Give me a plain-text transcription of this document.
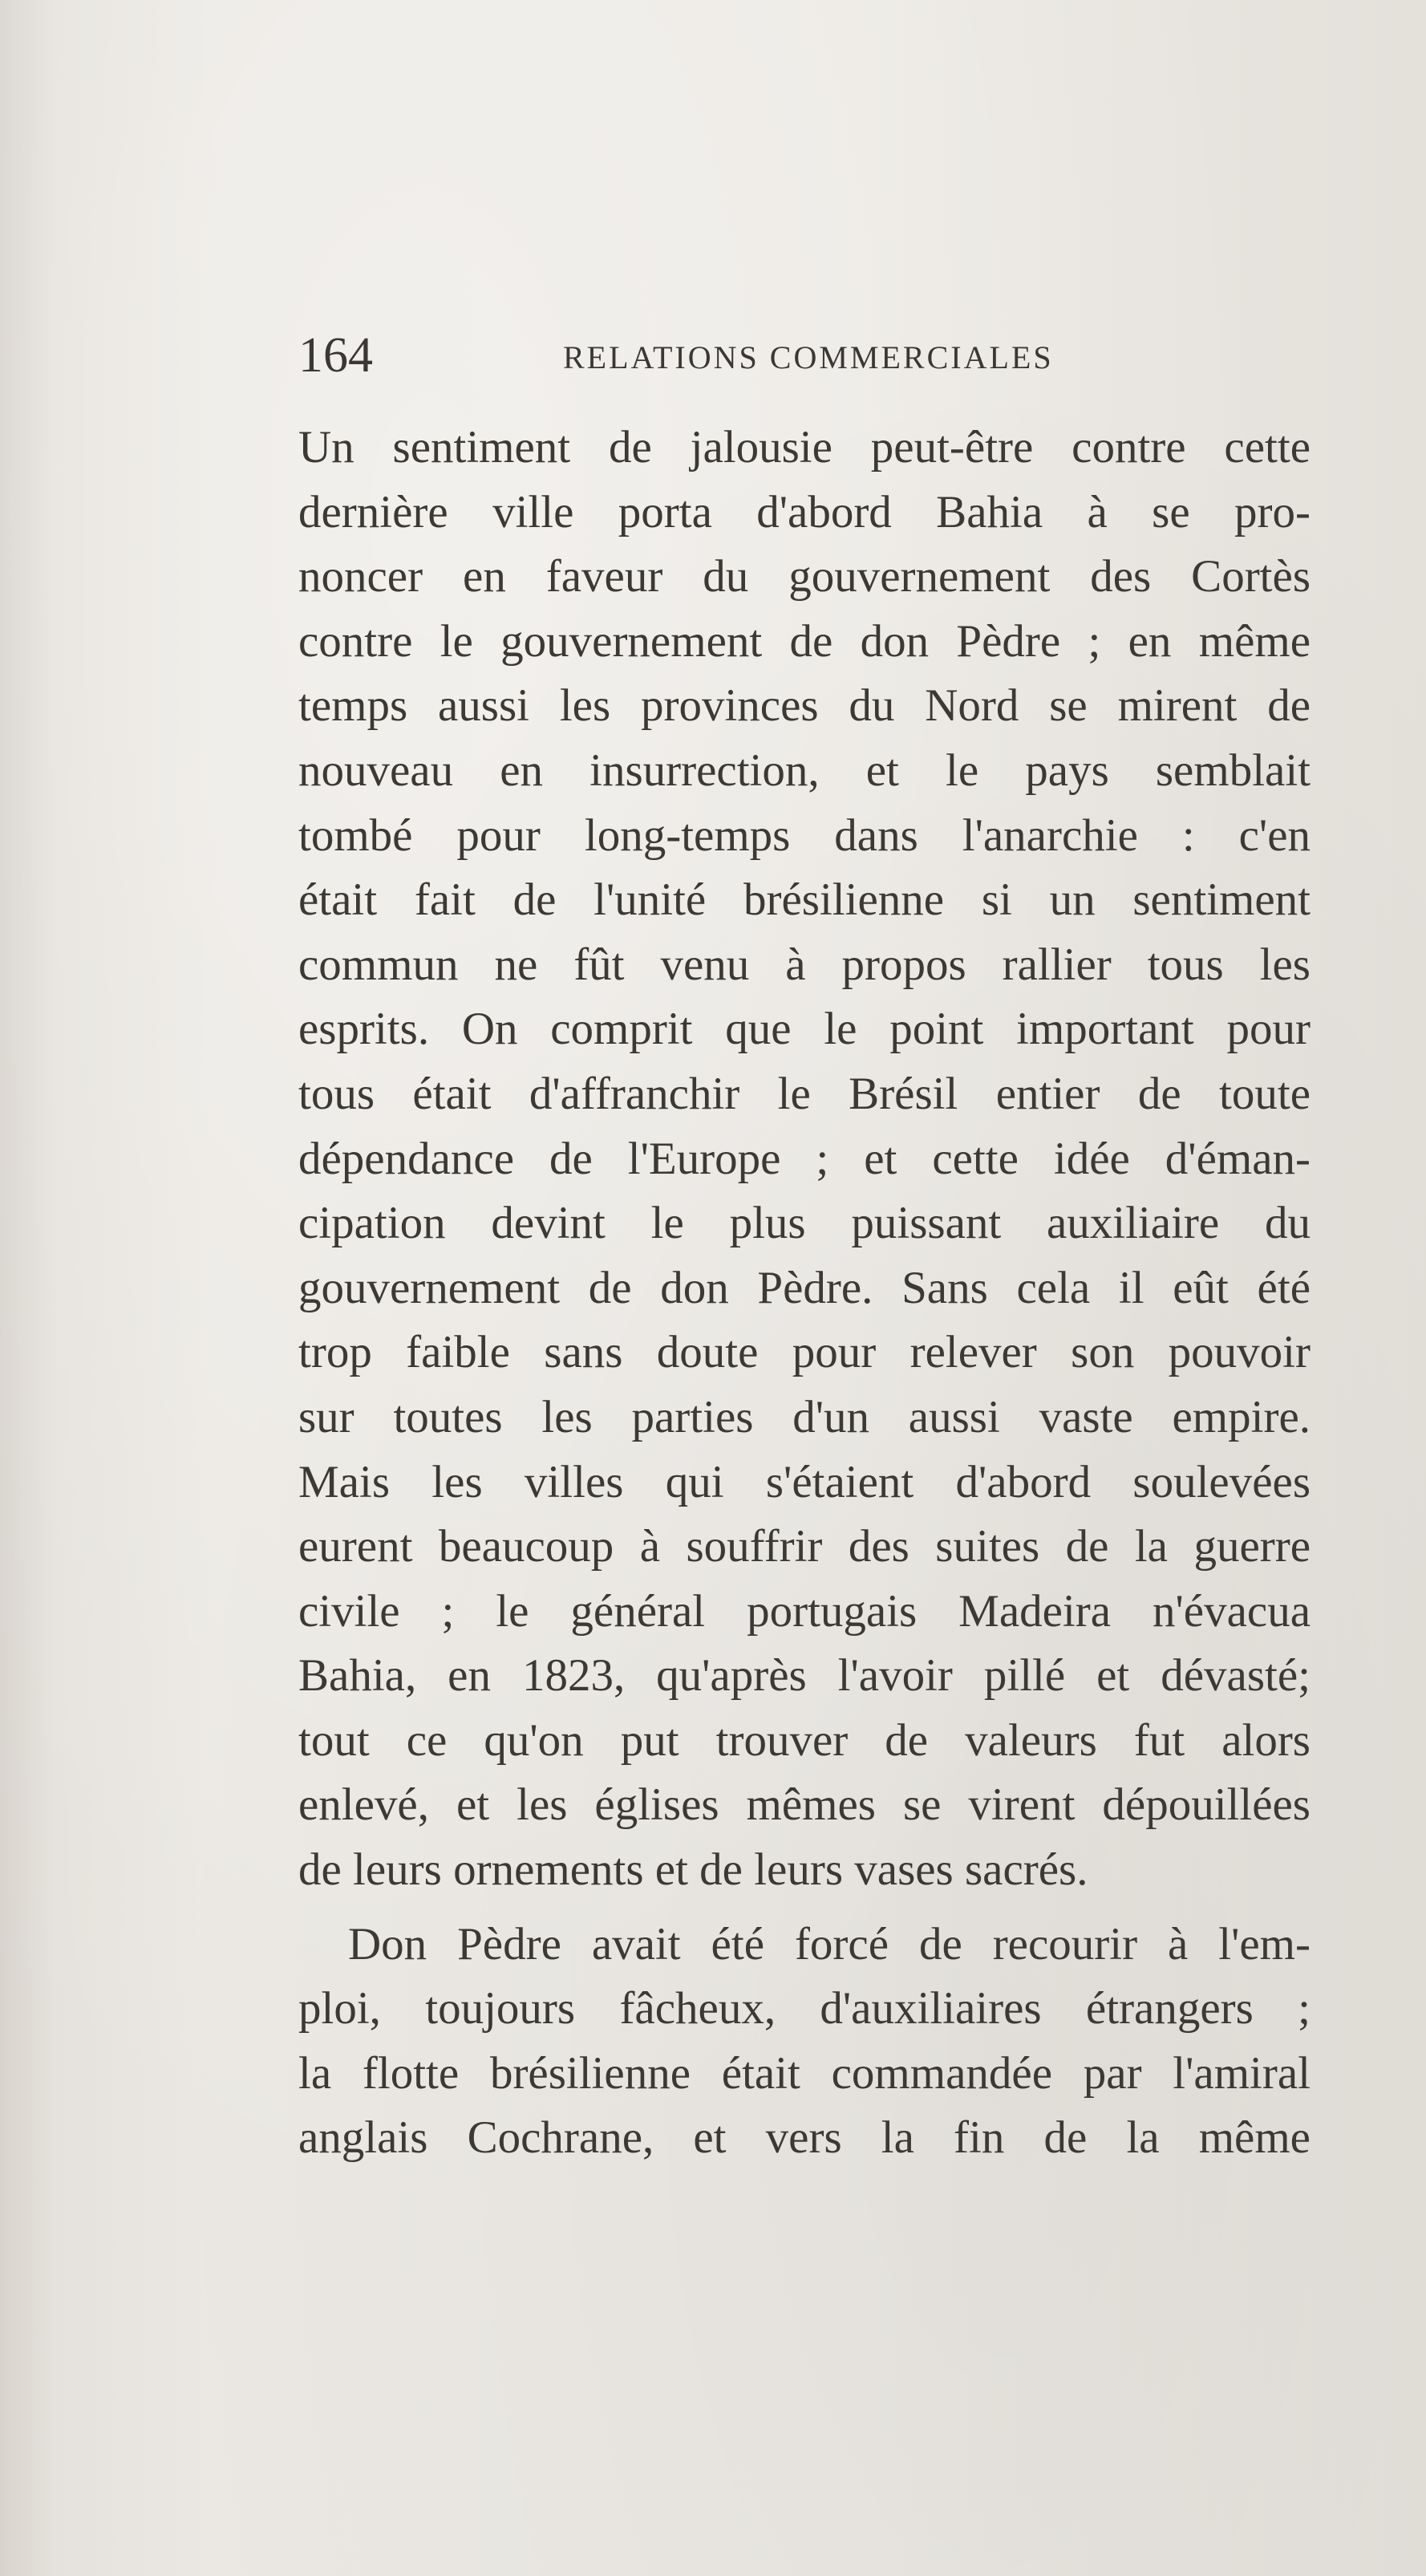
164	RELATIONS COMMERCIALES
Un sentiment de jalousie peut-être contre cette
dernière ville porta d'abord Bahia à se pro-
noncer en faveur du gouvernement des Cortès
contre le gouvernement de don Pèdre ; en même
temps aussi les provinces du Nord se mirent de
nouveau en insurrection, et le pays semblait
tombé pour long-temps dans l'anarchie : c'en
était fait de l'unité brésilienne si un sentiment
commun ne fût venu à propos rallier tous les
esprits. On comprit que le point important pour
tous était d'affranchir le Brésil entier de toute
dépendance de l'Europe ; et cette idée d'éman-
cipation devint le plus puissant auxiliaire du
gouvernement de don Pèdre. Sans cela il eût été
trop faible sans doute pour relever son pouvoir
sur toutes les parties d'un aussi vaste empire.
Mais les villes qui s'étaient d'abord soulevées
eurent beaucoup à souffrir des suites de la guerre
civile ; le général portugais Madeira n'évacua
Bahia, en 1823, qu'après l'avoir pillé et dévasté;
tout ce qu'on put trouver de valeurs fut alors
enlevé, et les églises mêmes se virent dépouillées
de leurs ornements et de leurs vases sacrés.
Don Pèdre avait été forcé de recourir à l'em-
ploi, toujours fâcheux, d'auxiliaires étrangers ;
la flotte brésilienne était commandée par l'amiral
anglais Cochrane, et vers la fin de la même
